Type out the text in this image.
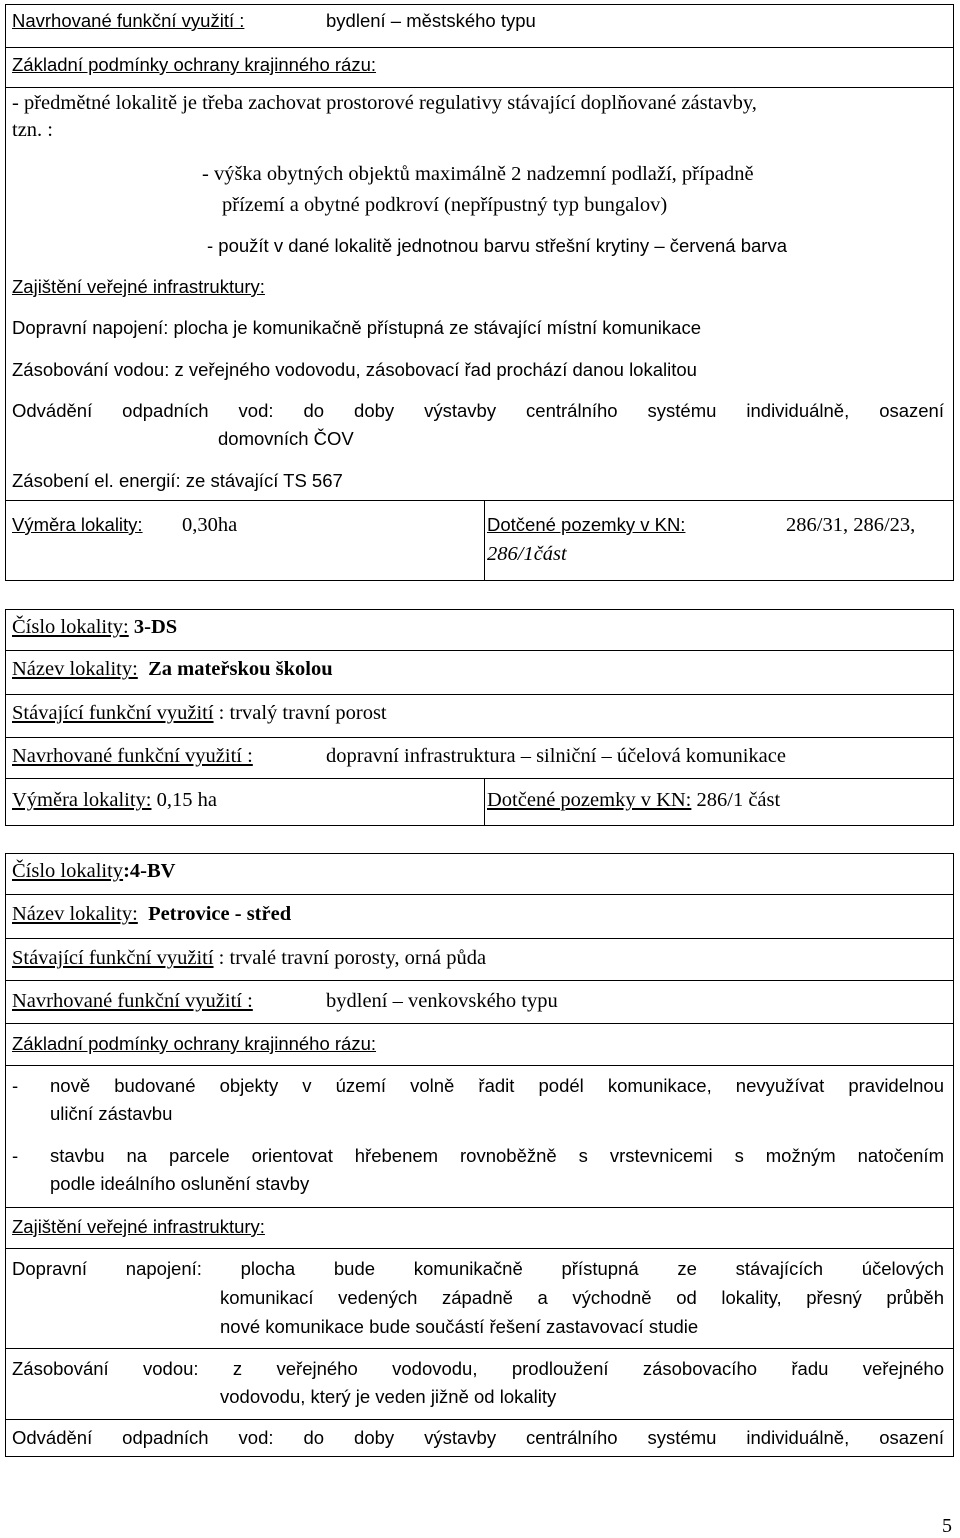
Navrhované funkční využití :	bydlení – městského typu
Základní podmínky ochrany krajinného rázu:
- předmětné lokalitě je třeba zachovat prostorové regulativy stávající doplňované zástavby,
tzn. :
- výška obytných objektů maximálně 2 nadzemní podlaží, případně
přízemí a obytné podkroví (nepřípustný typ bungalov)
- použít v dané lokalitě jednotnou barvu střešní krytiny – červená barva
Zajištění veřejné infrastruktury:
Dopravní napojení: plocha je komunikačně přístupná ze stávající místní komunikace
Zásobování vodou: z veřejného vodovodu, zásobovací řad prochází danou lokalitou
Odvádění odpadních vod: do doby výstavby centrálního systému individuálně, osazení
domovních ČOV
Zásobení el. energií: ze stávající TS 567
Výměra lokality: 0,30ha	Dotčené pozemky v KN:	286/31, 286/23,
286/1část
Číslo lokality: 3-DS
Název lokality: Za mateřskou školou
Stávající funkční využití : trvalý travní porost
Navrhované funkční využití :	dopravní infrastruktura – silniční – účelová komunikace
Výměra lokality: 0,15 ha	Dotčené pozemky v KN: 286/1 část
Číslo lokality:4-BV
Název lokality: Petrovice - střed
Stávající funkční využití : trvalé travní porosty, orná půda
Navrhované funkční využití :	bydlení – venkovského typu
Základní podmínky ochrany krajinného rázu:
- nově budované objekty v území volně řadit podél komunikace, nevyužívat pravidelnou
uliční zástavbu
- stavbu na parcele orientovat hřebenem rovnoběžně s vrstevnicemi s možným natočením
podle ideálního oslunění stavby
Zajištění veřejné infrastruktury:
Dopravní napojení: plocha bude komunikačně přístupná ze stávajících účelových
komunikací vedených západně a východně od lokality, přesný průběh
nové komunikace bude součástí řešení zastavovací studie
Zásobování vodou: z veřejného vodovodu, prodloužení zásobovacího řadu veřejného
vodovodu, který je veden jižně od lokality
Odvádění odpadních vod: do doby výstavby centrálního systému individuálně, osazení
5
